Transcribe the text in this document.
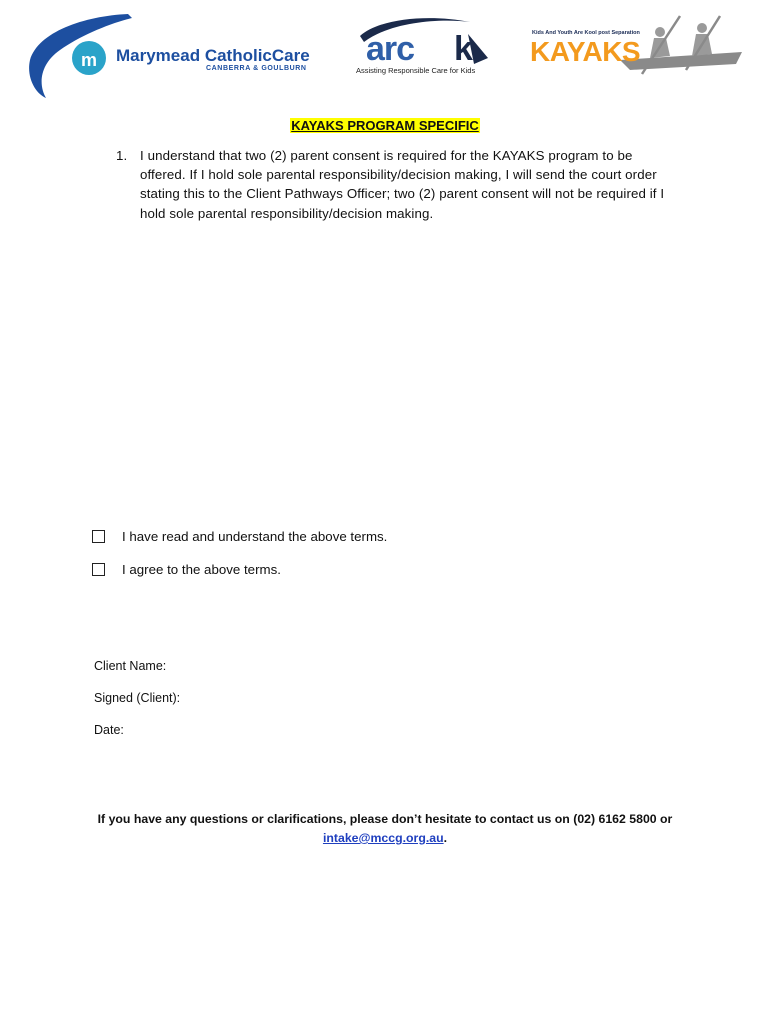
m Marymead CatholicCare
CANBERRA & GOULBURN
arc k
Assisting Responsible Care for Kids
Kids And Youth Are Kool post Separation
KAYAKS
KAYAKS PROGRAM SPECIFIC
1. I understand that two (2) parent consent is required for the KAYAKS program to be offered. If I hold sole parental responsibility/decision making, I will send the court order stating this to the Client Pathways Officer; two (2) parent consent will not be required if I hold sole parental responsibility/decision making.
I have read and understand the above terms.
I agree to the above terms.
Client Name:
Signed (Client):
Date:
If you have any questions or clarifications, please don’t hesitate to contact us on (02) 6162 5800 or
intake@mccg.org.au.
